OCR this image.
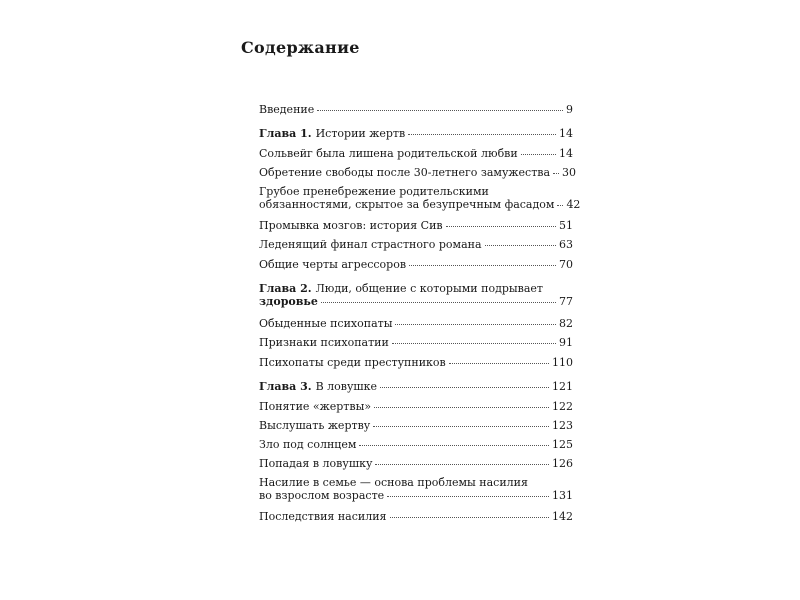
Содержание
Введение	9
Глава 1. Истории жертв	14
Сольвейг была лишена родительской любви	14
Обретение свободы после 30-летнего замужества 30
Грубое пренебрежение родительскими
обязанностями, скрытое за безупречным фасадом 42
Промывка мозгов: история Сив	51
Леденящий финал страстного романа	63
Общие черты агрессоров	70
Глава 2. Люди, общение с которыми подрывает
здоровье	77
Обыденные психопаты	82
Признаки психопатии	91
Психопаты среди преступников	110
Глава 3. В ловушке	121
Понятие «жертвы»	122
Выслушать жертву	123
Зло под солнцем	125
Попадая в ловушку	126
Насилие в семье — основа проблемы насилия
во взрослом возрасте	131
Последствия насилия	142
